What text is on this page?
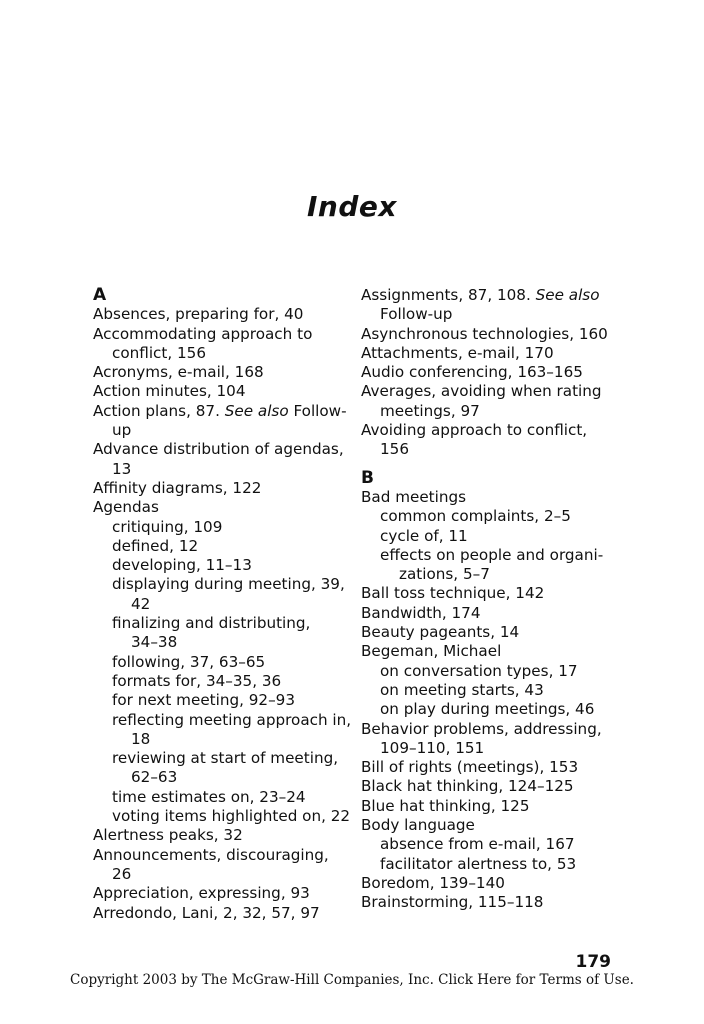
Index
A
Absences, preparing for, 40
Accommodating approach to
conflict, 156
Acronyms, e-mail, 168
Action minutes, 104
Action plans, 87. See also Follow-
up
Advance distribution of agendas,
13
Affinity diagrams, 122
Agendas
critiquing, 109
defined, 12
developing, 11–13
displaying during meeting, 39,
42
finalizing and distributing,
34–38
following, 37, 63–65
formats for, 34–35, 36
for next meeting, 92–93
reflecting meeting approach in,
18
reviewing at start of meeting,
62–63
time estimates on, 23–24
voting items highlighted on, 22
Alertness peaks, 32
Announcements, discouraging,
26
Appreciation, expressing, 93
Arredondo, Lani, 2, 32, 57, 97
Assignments, 87, 108. See also
Follow-up
Asynchronous technologies, 160
Attachments, e-mail, 170
Audio conferencing, 163–165
Averages, avoiding when rating
meetings, 97
Avoiding approach to conflict,
156
B
Bad meetings
common complaints, 2–5
cycle of, 11
effects on people and organi-
zations, 5–7
Ball toss technique, 142
Bandwidth, 174
Beauty pageants, 14
Begeman, Michael
on conversation types, 17
on meeting starts, 43
on play during meetings, 46
Behavior problems, addressing,
109–110, 151
Bill of rights (meetings), 153
Black hat thinking, 124–125
Blue hat thinking, 125
Body language
absence from e-mail, 167
facilitator alertness to, 53
Boredom, 139–140
Brainstorming, 115–118
179
Copyright 2003 by The McGraw-Hill Companies, Inc. Click Here for Terms of Use.
